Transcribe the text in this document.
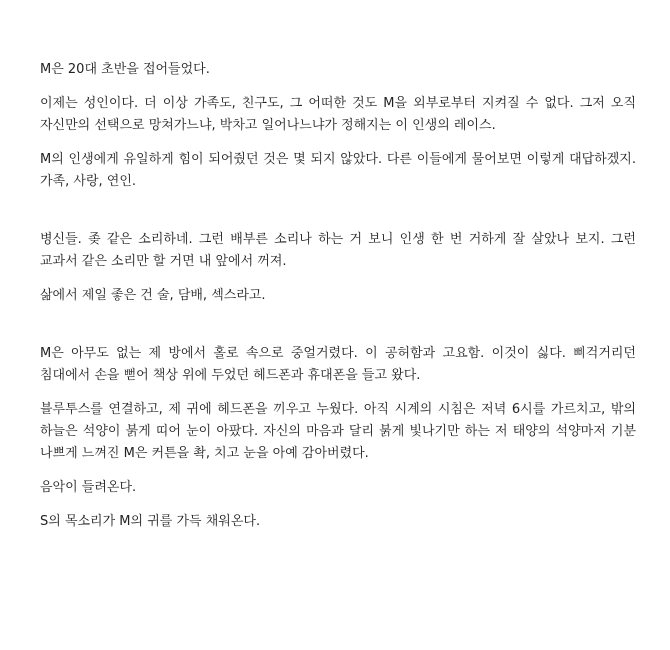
M은 20대 초반을 접어들었다.

이제는 성인이다. 더 이상 가족도, 친구도, 그 어떠한 것도 M을 외부로부터 지켜질 수 없다. 그저 오직 자신만의 선택으로 망쳐가느냐, 박차고 일어나느냐가 정해지는 이 인생의 레이스.

M의 인생에게 유일하게 힘이 되어줬던 것은 몇 되지 않았다. 다른 이들에게 물어보면 이렇게 대답하겠지. 가족, 사랑, 연인.

병신들. 좆 같은 소리하네. 그런 배부른 소리나 하는 거 보니 인생 한 번 거하게 잘 살았나 보지. 그런 교과서 같은 소리만 할 거면 내 앞에서 꺼져.

삶에서 제일 좋은 건 술, 담배, 섹스라고.

M은 아무도 없는 제 방에서 홀로 속으로 중얼거렸다. 이 공허함과 고요함. 이것이 싫다. 삐걱거리던 침대에서 손을 뻗어 책상 위에 두었던 헤드폰과 휴대폰을 들고 왔다.

블루투스를 연결하고, 제 귀에 헤드폰을 끼우고 누웠다. 아직 시계의 시침은 저녁 6시를 가르치고, 밖의 하늘은 석양이 붉게 띠어 눈이 아팠다. 자신의 마음과 달리 붉게 빛나기만 하는 저 태양의 석양마저 기분 나쁘게 느껴진 M은 커튼을 촥, 치고 눈을 아예 감아버렸다.

음악이 들려온다.

S의 목소리가 M의 귀를 가득 채워온다.
